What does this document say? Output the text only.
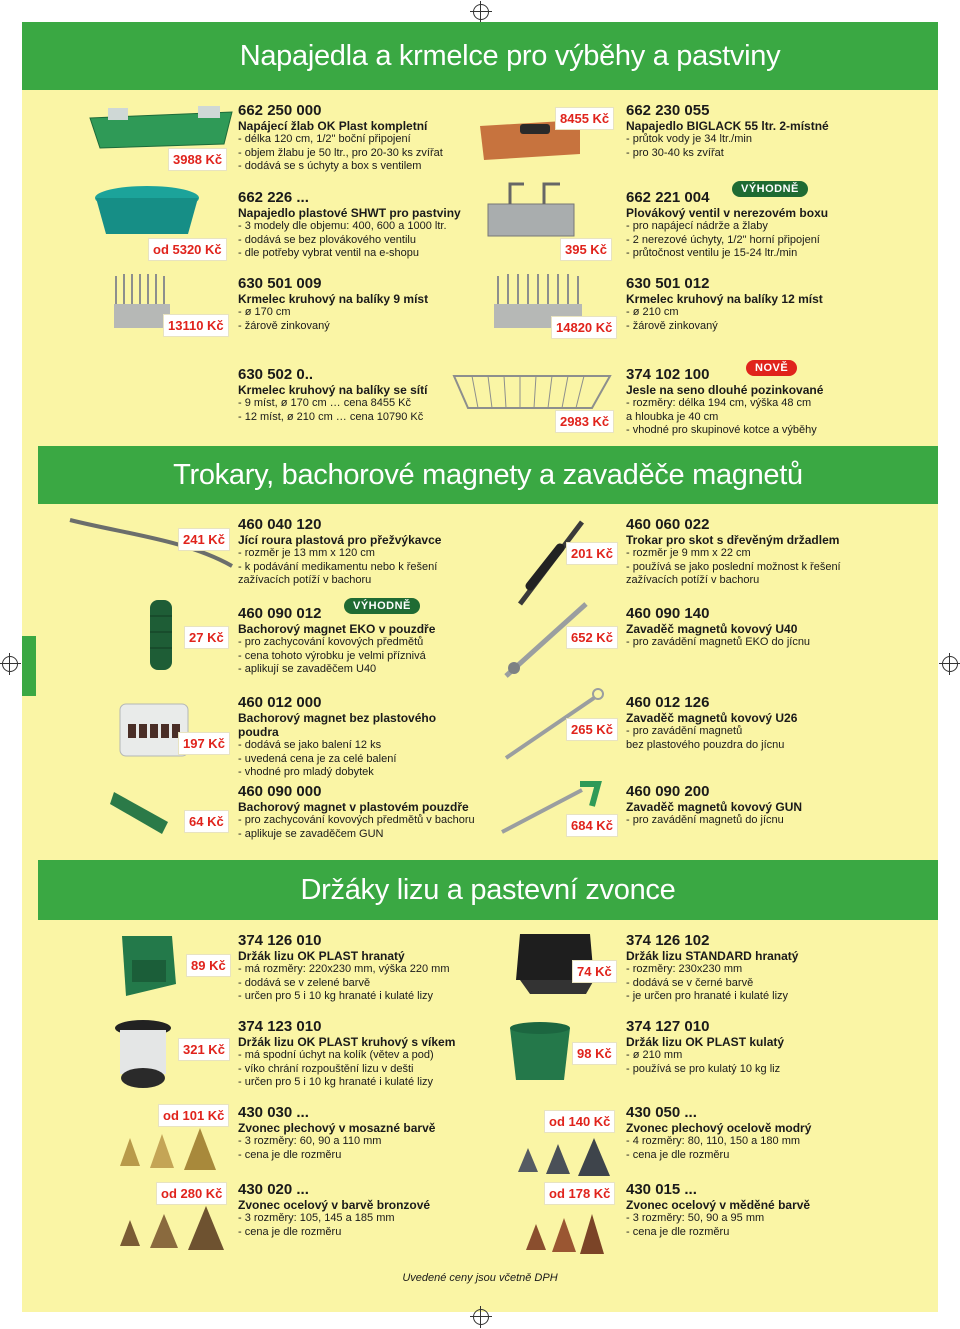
Napajedla a krmelce pro výběhy a pastviny
Trokary, bachorové magnety a zavaděče magnetů
Držáky lizu a pastevní zvonce
3988 Kč
od 5320 Kč
13110 Kč
8455 Kč
395 Kč
14820 Kč
2983 Kč
662 250 000
Napájecí žlab OK Plast kompletní
- délka 120 cm, 1/2" boční připojení
- objem žlabu je 50 ltr., pro 20-30 ks zvířat
- dodává se s úchyty a box s ventilem
662 226 ...
Napajedlo plastové SHWT pro pastviny
- 3 modely dle objemu: 400, 600 a 1000 ltr.
- dodává se bez plovákového ventilu
- dle potřeby vybrat ventil na e-shopu
630 501 009
Krmelec kruhový na balíky 9 míst
- ø 170 cm
- žárově zinkovaný
662 230 055
Napajedlo BIGLACK 55 ltr. 2-místné
- průtok vody je 34 ltr./min
- pro 30-40 ks zvířat
VÝHODNĚ
662 221 004
Plovákový ventil v nerezovém boxu
- pro napájecí nádrže a žlaby
- 2 nerezové úchyty, 1/2" horní připojení
- průtočnost ventilu je 15-24 ltr./min
630 501 012
Krmelec kruhový na balíky 12 míst
- ø 210 cm
- žárově zinkovaný
630 502 0..
Krmelec kruhový na balíky se sítí
- 9 míst, ø 170 cm … cena 8455 Kč
- 12 míst, ø 210 cm … cena 10790 Kč
NOVĚ
374 102 100
Jesle na seno dlouhé pozinkované
- rozměry: délka 194 cm, výška 48 cm
a hloubka je 40 cm
- vhodné pro skupinové kotce a výběhy
241 Kč
27 Kč
197 Kč
64 Kč
201 Kč
652 Kč
265 Kč
684 Kč
460 040 120
Jící roura plastová pro přežvýkavce
- rozměr je 13 mm x 120 cm
- k podávání medikamentu nebo k řešení
zažívacích potíží v bachoru
VÝHODNĚ
460 090 012
Bachorový magnet EKO v pouzdře
- pro zachycování kovových předmětů
- cena tohoto výrobku je velmi příznivá
- aplikují se zavaděčem U40
460 012 000
Bachorový magnet bez plastového poudra
- dodává se jako balení 12 ks
- uvedená cena je za celé balení
- vhodné pro mladý dobytek
460 090 000
Bachorový magnet v plastovém pouzdře
- pro zachycování kovových předmětů v bachoru
- aplikuje se zavaděčem GUN
460 060 022
Trokar pro skot s dřevěným držadlem
- rozměr je 9 mm x 22 cm
- používá se jako poslední možnost k řešení
zažívacích potíží v bachoru
460 090 140
Zavaděč magnetů kovový U40
- pro zavádění magnetů EKO do jícnu
460 012 126
Zavaděč magnetů kovový U26
- pro zavádění magnetů
bez plastového pouzdra do jícnu
460 090 200
Zavaděč magnetů kovový GUN
- pro zavádění magnetů do jícnu
89 Kč
321 Kč
od 101 Kč
od 280 Kč
74 Kč
98 Kč
od 140 Kč
od 178 Kč
374 126 010
Držák lizu OK PLAST hranatý
- má rozměry: 220x230 mm, výška 220 mm
- dodává se v zelené barvě
- určen pro 5 i 10 kg hranaté i kulaté lizy
374 123 010
Držák lizu OK PLAST kruhový s víkem
- má spodní úchyt na kolík (větev a pod)
- víko chrání rozpouštění lizu v dešti
- určen pro 5 i 10 kg hranaté i kulaté lizy
430 030 ...
Zvonec plechový v mosazné barvě
- 3 rozměry: 60, 90 a 110 mm
- cena je dle rozměru
430 020 ...
Zvonec ocelový v barvě bronzové
- 3 rozměry: 105, 145 a 185 mm
- cena je dle rozměru
374 126 102
Držák lizu STANDARD hranatý
- rozměry: 230x230 mm
- dodává se v černé barvě
- je určen pro hranaté i kulaté lizy
374 127 010
Držák lizu OK PLAST kulatý
- ø 210 mm
- používá se pro kulatý 10 kg liz
430 050 ...
Zvonec plechový ocelově modrý
- 4 rozměry: 80, 110, 150 a 180 mm
- cena je dle rozměru
430 015 ...
Zvonec ocelový v měděné barvě
- 3 rozměry: 50, 90 a 95 mm
- cena je dle rozměru
Uvedené ceny jsou včetně DPH
